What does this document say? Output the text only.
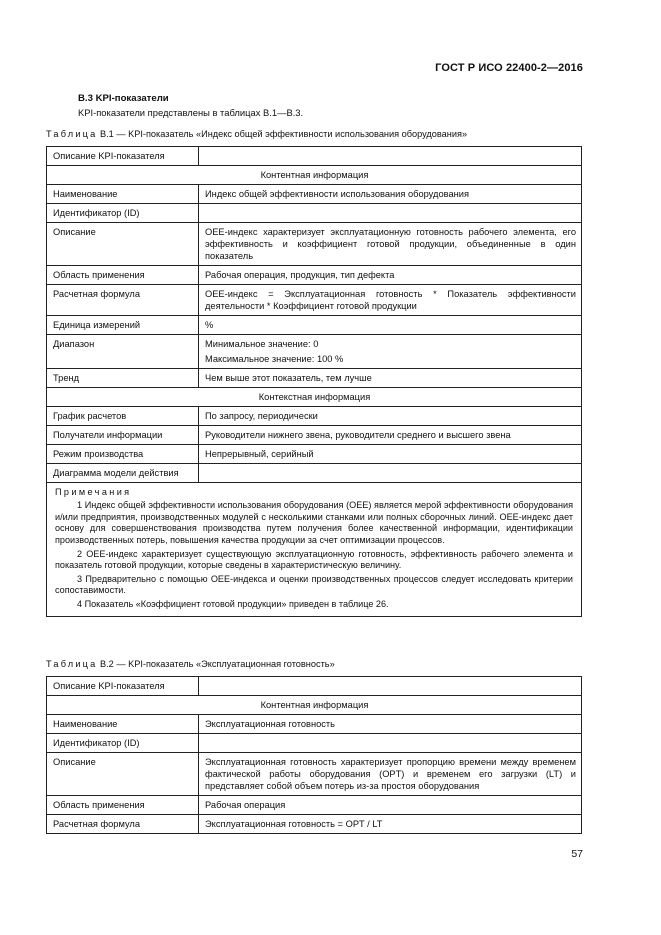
ГОСТ Р ИСО 22400-2—2016
В.3 KPI-показатели
KPI-показатели представлены в таблицах В.1—В.3.
Таблица В.1 — KPI-показатель «Индекс общей эффективности использования оборудования»
Описание KPI-показателя	

Контентная информация	
Наименование	Индекс общей эффективности использования оборудования

Идентификатор (ID)	

Описание	OEE-индекс характеризует эксплуатационную готовность рабочего элемента, его эффективность и коэффициент готовой продукции, объединенные в один показатель

Область применения	Рабочая операция, продукция, тип дефекта

Расчетная формула	OEE-индекс = Эксплуатационная готовность * Показатель эффективности деятельности * Коэффициент готовой продукции

Единица измерений	%

Диапазон	Минимальное значение: 0
Максимальное значение: 100 %

Тренд	Чем выше этот показатель, тем лучше

Контекстная информация	
График расчетов	По запросу, периодически

Получатели информации	Руководители нижнего звена, руководители среднего и высшего звена

Режим производства	Непрерывный, серийный

Диаграмма модели действия	

Примечания

1 Индекс общей эффективности использования оборудования (OEE) является мерой эффективности оборудования и/или предприятия, производственных модулей с несколькими станками или полных сборочных линий. OEE-индекс дает основу для совершенствования производства путем получения более качественной информации, идентификации производственных потерь, повышения качества продукции за счет оптимизации процессов.

2 OEE-индекс характеризует существующую эксплуатационную готовность, эффективность рабочего элемента и показатель готовой продукции, которые сведены в характеристическую величину.

3 Предварительно с помощью OEE-индекса и оценки производственных процессов следует исследовать критерии сопоставимости.

4 Показатель «Коэффициент готовой продукции» приведен в таблице 26.	

Таблица В.2 — KPI-показатель «Эксплуатационная готовность»
Описание KPI-показателя	

Контентная информация	
Наименование	Эксплуатационная готовность

Идентификатор (ID)	

Описание	Эксплуатационная готовность характеризует пропорцию времени между временем фактической работы оборудования (OPT) и временем его загрузки (LT) и представляет собой объем потерь из-за простоя оборудования

Область применения	Рабочая операция

Расчетная формула	Эксплуатационная готовность = OPT / LT
57
